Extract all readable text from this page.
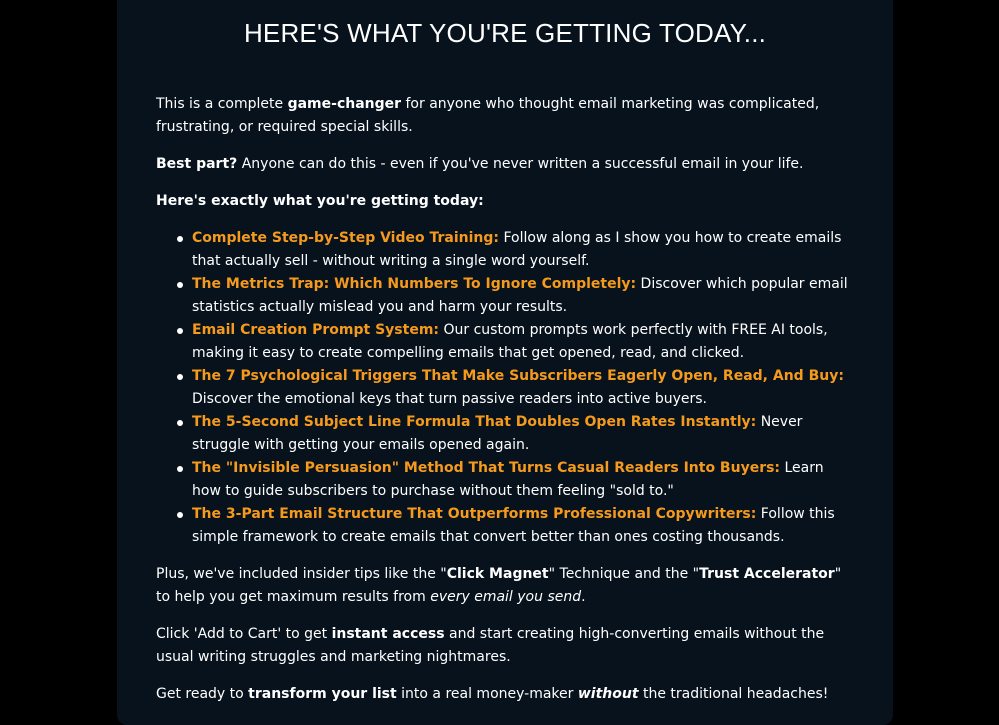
HERE'S WHAT YOU'RE GETTING TODAY...

This is a complete game-changer for anyone who thought email marketing was complicated, frustrating, or required special skills.

Best part? Anyone can do this - even if you've never written a successful email in your life.

Here's exactly what you're getting today:

Complete Step-by-Step Video Training: Follow along as I show you how to create emails that actually sell - without writing a single word yourself.
The Metrics Trap: Which Numbers To Ignore Completely: Discover which popular email statistics actually mislead you and harm your results.
Email Creation Prompt System: Our custom prompts work perfectly with FREE AI tools, making it easy to create compelling emails that get opened, read, and clicked.
The 7 Psychological Triggers That Make Subscribers Eagerly Open, Read, And Buy: Discover the emotional keys that turn passive readers into active buyers.
The 5-Second Subject Line Formula That Doubles Open Rates Instantly: Never struggle with getting your emails opened again.
The "Invisible Persuasion" Method That Turns Casual Readers Into Buyers: Learn how to guide subscribers to purchase without them feeling "sold to."
The 3-Part Email Structure That Outperforms Professional Copywriters: Follow this simple framework to create emails that convert better than ones costing thousands.

Plus, we've included insider tips like the "Click Magnet" Technique and the "Trust Accelerator" to help you get maximum results from every email you send.

Click 'Add to Cart' to get instant access and start creating high-converting emails without the usual writing struggles and marketing nightmares.

Get ready to transform your list into a real money-maker without the traditional headaches!
